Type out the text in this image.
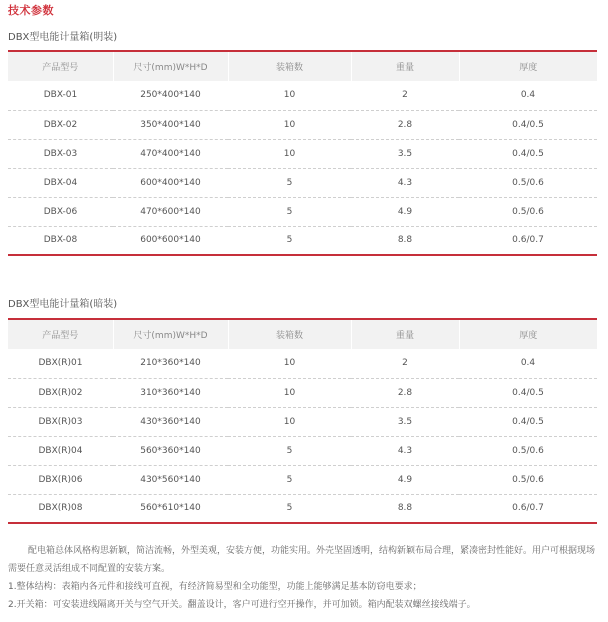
技术参数
DBX型电能计量箱(明装)
产品型号	尺寸(mm)W*H*D	装箱数	重量	厚度
DBX-01	250*400*140	10	2	0.4
DBX-02	350*400*140	10	2.8	0.4/0.5
DBX-03	470*400*140	10	3.5	0.4/0.5
DBX-04	600*400*140	5	4.3	0.5/0.6
DBX-06	470*600*140	5	4.9	0.5/0.6
DBX-08	600*600*140	5	8.8	0.6/0.7
DBX型电能计量箱(暗装)
产品型号	尺寸(mm)W*H*D	装箱数	重量	厚度
DBX(R)01	210*360*140	10	2	0.4
DBX(R)02	310*360*140	10	2.8	0.4/0.5
DBX(R)03	430*360*140	10	3.5	0.4/0.5
DBX(R)04	560*360*140	5	4.3	0.5/0.6
DBX(R)06	430*560*140	5	4.9	0.5/0.6
DBX(R)08	560*610*140	5	8.8	0.6/0.7

配电箱总体风格构思新颖，简洁流畅，外型美观，安装方便，功能实用。外壳坚固透明，结构新颖布局合理，紧凑密封性能好。用户可根据现场需要任意灵活组成不同配置的安装方案。

1.整体结构：表箱内各元件和接线可直视，有经济简易型和全功能型，功能上能够满足基本防窃电要求；

2.开关箱：可安装进线隔离开关与空气开关。翻盖设计，客户可进行空开操作，并可加锁。箱内配装双螺丝接线端子。
